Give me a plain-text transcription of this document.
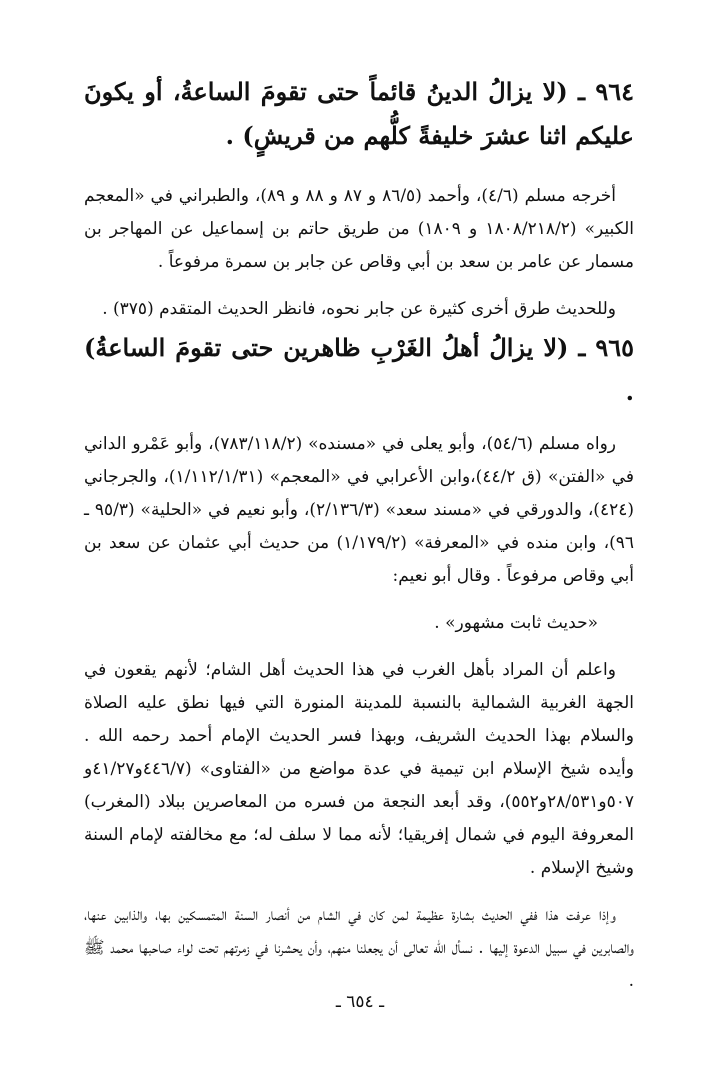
٩٦٤ ـ (لا يزالُ الدينُ قائماً حتى تقومَ الساعةُ، أو يكونَ عليكم اثنا عشرَ خليفةً كلُّهم من قريشٍ) .

أخرجه مسلم (٤/٦)، وأحمد (٨٦/٥ و ٨٧ و ٨٨ و ٨٩)، والطبراني في «المعجم الكبير» (١٨٠٨/٢١٨/٢ و ١٨٠٩) من طريق حاتم بن إسماعيل عن المهاجر بن مسمار عن عامر بن سعد بن أبي وقاص عن جابر بن سمرة مرفوعاً .

وللحديث طرق أخرى كثيرة عن جابر نحوه، فانظر الحديث المتقدم (٣٧٥) .

٩٦٥ ـ (لا يزالُ أهلُ الغَرْبِ ظاهرين حتى تقومَ الساعةُ) .

رواه مسلم (٥٤/٦)، وأبو يعلى في «مسنده» (٧٨٣/١١٨/٢)، وأبو عَمْرو الداني في «الفتن» (ق ٤٤/٢)،وابن الأعرابي في «المعجم» (١/١١٢/١/٣١)، والجرجاني (٤٢٤)، والدورقي في «مسند سعد» (٢/١٣٦/٣)، وأبو نعيم في «الحلية» (٩٥/٣ ـ ٩٦)، وابن منده في «المعرفة» (١/١٧٩/٢) من حديث أبي عثمان عن سعد بن أبي وقاص مرفوعاً . وقال أبو نعيم:

«حديث ثابت مشهور» .

واعلم أن المراد بأهل الغرب في هذا الحديث أهل الشام؛ لأنهم يقعون في الجهة الغربية الشمالية بالنسبة للمدينة المنورة التي فيها نطق عليه الصلاة والسلام بهذا الحديث الشريف، وبهذا فسر الحديث الإمام أحمد رحمه الله . وأيده شيخ الإسلام ابن تيمية في عدة مواضع من «الفتاوى» (٤٤٦/٧و٤١/٢٧و ٥٠٧و٢٨/٥٣١و٥٥٢)، وقد أبعد النجعة من فسره من المعاصرين ببلاد (المغرب) المعروفة اليوم في شمال إفريقيا؛ لأنه مما لا سلف له؛ مع مخالفته لإمام السنة وشيخ الإسلام .

وإذا عرفت هذا ففي الحديث بشارة عظيمة لمن كان في الشام من أنصار السنة المتمسكين بها، والذابين عنها، والصابرين في سبيل الدعوة إليها . نسأل الله تعالى أن يجعلنا منهم، وأن يحشرنا في زمرتهم تحت لواء صاحبها محمد ﷺ .

ـ ٦٥٤ ـ
